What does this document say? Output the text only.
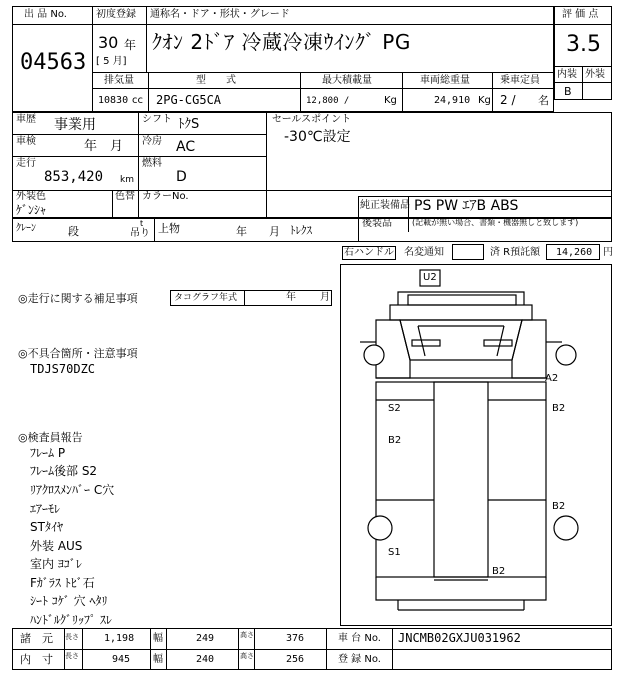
出 品 No.
04563
初度登録
30 年
[ 5 月]
通称名・ドア・形状・グレード
ｸｵﾝ 2ﾄﾞｱ 冷蔵冷凍ｳｲﾝｸﾞ PG
排気量	型　　式	最大積載量	車両総重量	乗車定員
10830 cc 2PG-CG5CA	12,800 /	Kg	24,910 Kg 2 / 名
評 価 点
3.5
内装 外装
B
車歴 事業用	シフト ﾄｸS
車検	年　月 冷房 AC
走行
853,420 km
燃料
D
セールスポイント
-30℃設定
外装色
ｹﾞﾝｼｬ
色替 カラーNo.
純正装備品 PS PW ｴｱB ABS
後装品	(記載が無い場合、書類・機器無しと致します)
ｸﾚｰﾝ	段
t
吊り 上物	年　　月 ﾄﾚｸｽ
右ハンドル 名変通知	済 R預託額 14,260 円
◎走行に関する補足事項	タコグラフ年式	年 月
◎不具合箇所・注意事項
TDJS70DZC
◎検査員報告
ﾌﾚｰﾑ P
ﾌﾚｰﾑ後部 S2
ﾘｱｸﾛｽﾒﾝﾊﾞｰ C穴
ｴｱｰﾓﾚ
STﾀｲﾔ
外装 AUS
室内 ﾖｺﾞﾚ
Fｶﾞﾗｽ ﾄﾋﾞ石
ｼｰﾄ ｺｹﾞ 穴 ﾍﾀﾘ
ﾊﾝﾄﾞﾙｸﾞﾘｯﾌﾟ ｽﾚ
U2
A2
S2	B2
B2
B2
S1
B2
諸　元 長さ	1,198 幅	249	高さ	376
内　寸 長さ	945 幅	240	高さ	256
車 台 No. JNCMB02GXJU031962
登 録 No.
